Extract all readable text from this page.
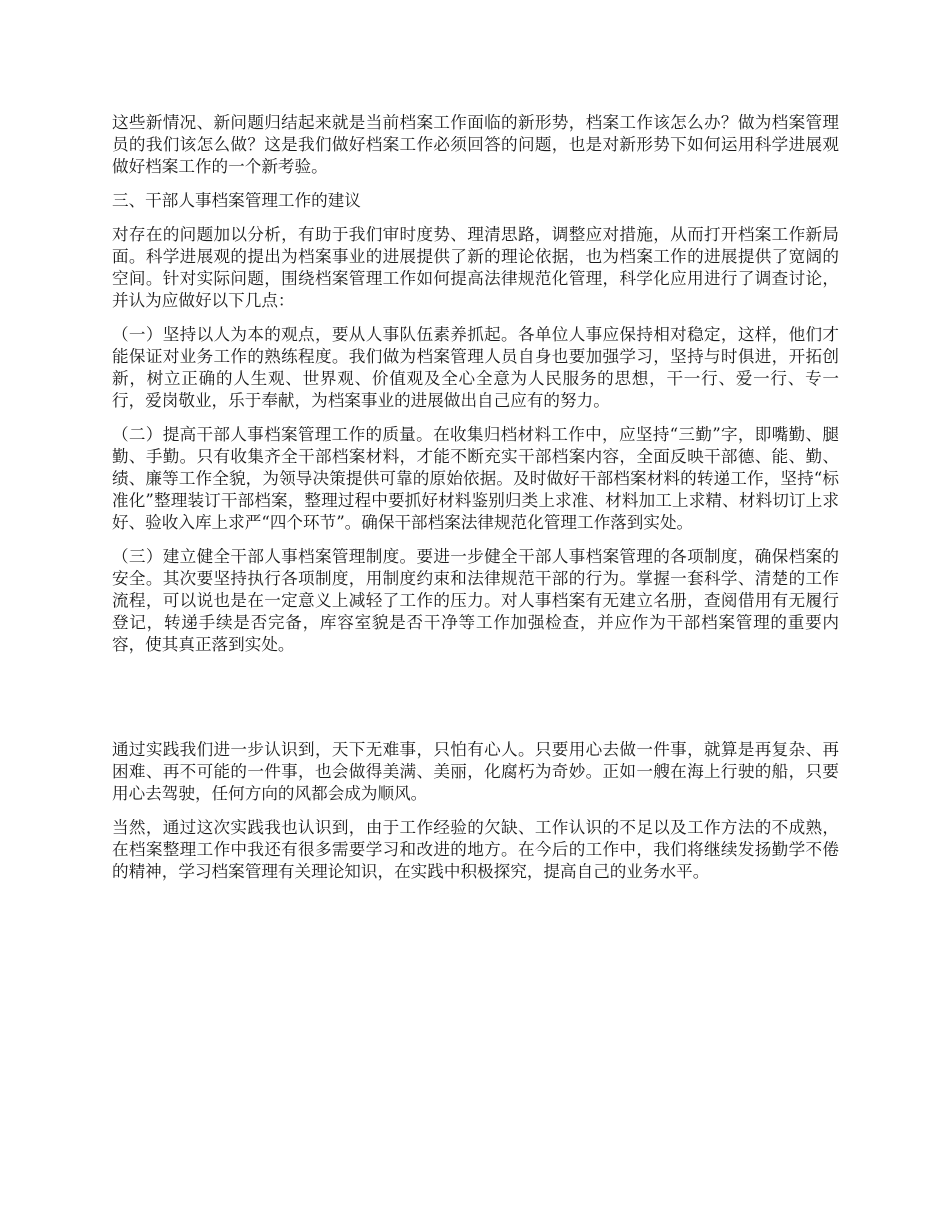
这些新情况、新问题归结起来就是当前档案工作面临的新形势，档案工作该怎么办？做为档案管理员的我们该怎么做？这是我们做好档案工作必须回答的问题，也是对新形势下如何运用科学进展观做好档案工作的一个新考验。

三、干部人事档案管理工作的建议

对存在的问题加以分析，有助于我们审时度势、理清思路，调整应对措施，从而打开档案工作新局面。科学进展观的提出为档案事业的进展提供了新的理论依据，也为档案工作的进展提供了宽阔的空间。针对实际问题，围绕档案管理工作如何提高法律规范化管理，科学化应用进行了调查讨论，并认为应做好以下几点：

（一）坚持以人为本的观点，要从人事队伍素养抓起。各单位人事应保持相对稳定，这样，他们才能保证对业务工作的熟练程度。我们做为档案管理人员自身也要加强学习，坚持与时俱进，开拓创新，树立正确的人生观、世界观、价值观及全心全意为人民服务的思想，干一行、爱一行、专一行，爱岗敬业，乐于奉献，为档案事业的进展做出自己应有的努力。

（二）提高干部人事档案管理工作的质量。在收集归档材料工作中，应坚持“三勤”字，即嘴勤、腿勤、手勤。只有收集齐全干部档案材料，才能不断充实干部档案内容，全面反映干部德、能、勤、绩、廉等工作全貌，为领导决策提供可靠的原始依据。及时做好干部档案材料的转递工作，坚持“标准化”整理装订干部档案，整理过程中要抓好材料鉴别归类上求准、材料加工上求精、材料切订上求好、验收入库上求严“四个环节”。确保干部档案法律规范化管理工作落到实处。

（三）建立健全干部人事档案管理制度。要进一步健全干部人事档案管理的各项制度，确保档案的安全。其次要坚持执行各项制度，用制度约束和法律规范干部的行为。掌握一套科学、清楚的工作流程，可以说也是在一定意义上减轻了工作的压力。对人事档案有无建立名册，查阅借用有无履行登记，转递手续是否完备，库容室貌是否干净等工作加强检查，并应作为干部档案管理的重要内容，使其真正落到实处。

通过实践我们进一步认识到，天下无难事，只怕有心人。只要用心去做一件事，就算是再复杂、再困难、再不可能的一件事，也会做得美满、美丽，化腐朽为奇妙。正如一艘在海上行驶的船，只要用心去驾驶，任何方向的风都会成为顺风。

当然，通过这次实践我也认识到，由于工作经验的欠缺、工作认识的不足以及工作方法的不成熟，在档案整理工作中我还有很多需要学习和改进的地方。在今后的工作中，我们将继续发扬勤学不倦的精神，学习档案管理有关理论知识，在实践中积极探究，提高自己的业务水平。
